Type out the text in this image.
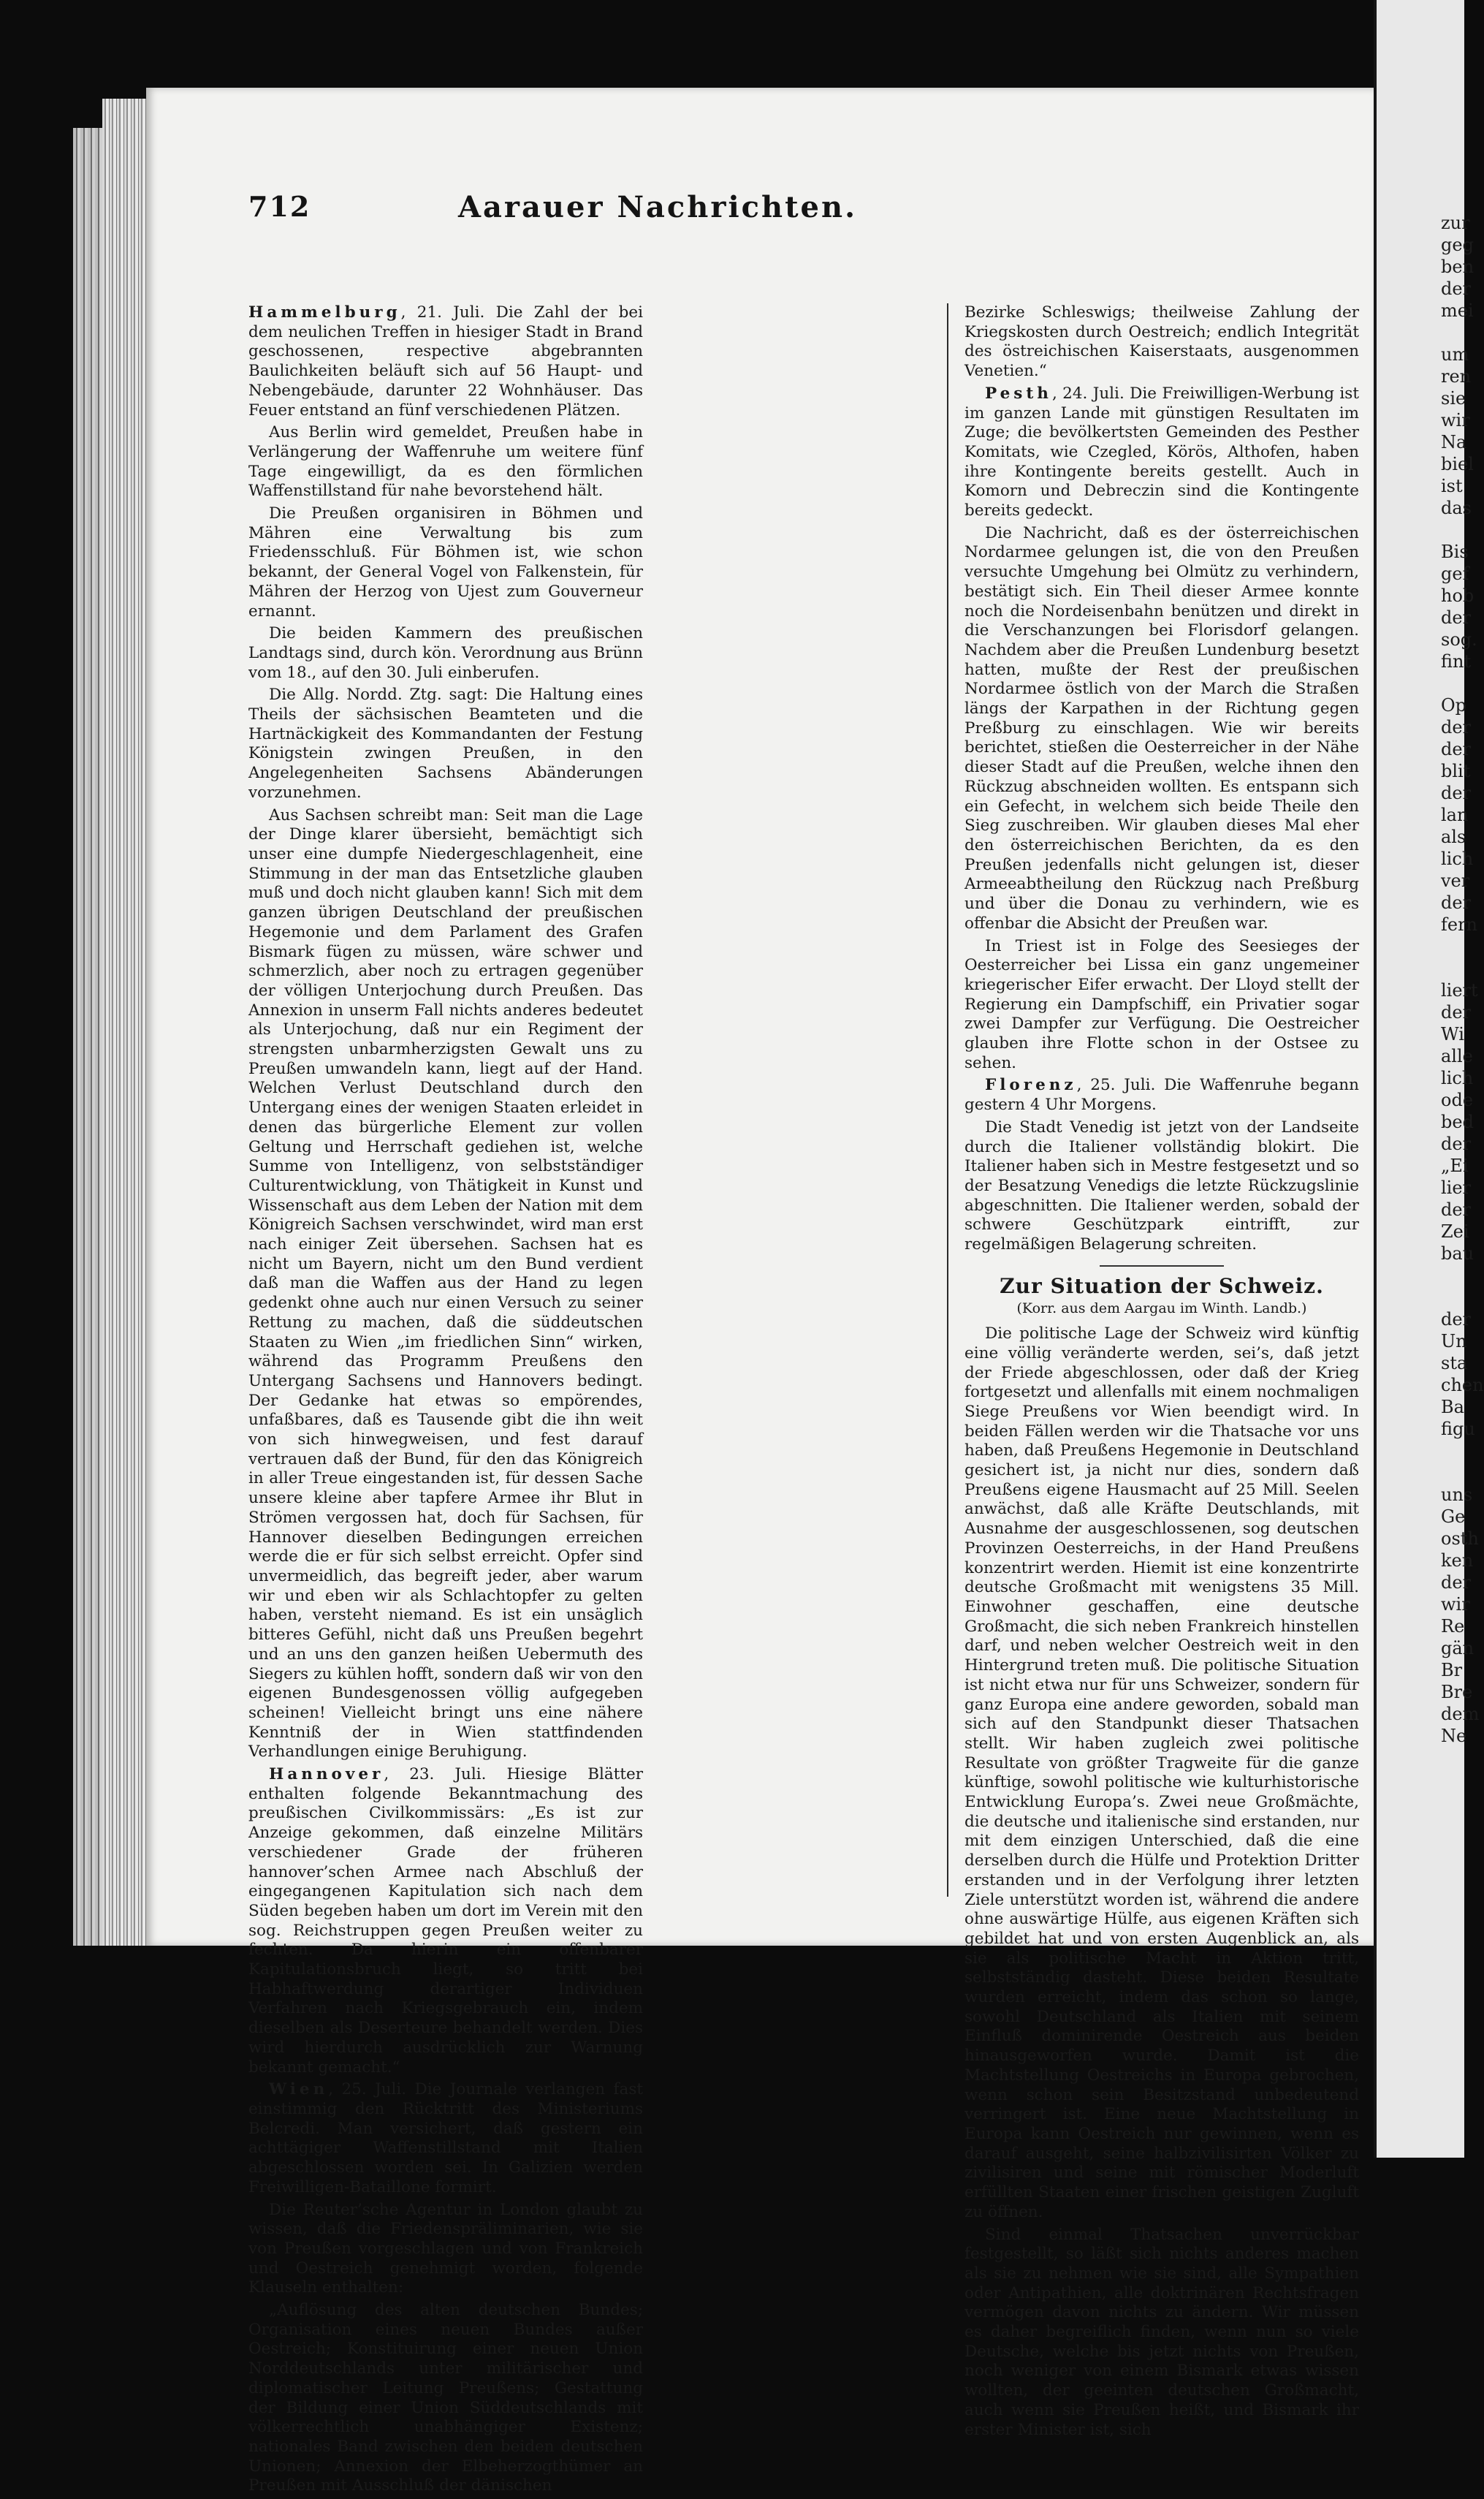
Aarauer Nachrichten.
712

Hammelburg, 21. Juli. Die Zahl der bei dem neulichen Treffen in hiesiger Stadt in Brand geschossenen, respective abgebrannten Baulichkeiten beläuft sich auf 56 Haupt- und Nebengebäude, darunter 22 Wohnhäuser. Das Feuer entstand an fünf verschiedenen Plätzen.

Aus Berlin wird gemeldet, Preußen habe in Verlängerung der Waffenruhe um weitere fünf Tage eingewilligt, da es den förmlichen Waffenstillstand für nahe bevorstehend hält.

Die Preußen organisiren in Böhmen und Mähren eine Verwaltung bis zum Friedensschluß. Für Böhmen ist, wie schon bekannt, der General Vogel von Falkenstein, für Mähren der Herzog von Ujest zum Gouverneur ernannt.

Die beiden Kammern des preußischen Landtags sind, durch kön. Verordnung aus Brünn vom 18., auf den 30. Juli einberufen.

Die Allg. Nordd. Ztg. sagt: Die Haltung eines Theils der sächsischen Beamteten und die Hartnäckigkeit des Kommandanten der Festung Königstein zwingen Preußen, in den Angelegenheiten Sachsens Abänderungen vorzunehmen.

Aus Sachsen schreibt man: Seit man die Lage der Dinge klarer übersieht, bemächtigt sich unser eine dumpfe Niedergeschlagenheit, eine Stimmung in der man das Entsetzliche glauben muß und doch nicht glauben kann! Sich mit dem ganzen übrigen Deutschland der preußischen Hegemonie und dem Parlament des Grafen Bismark fügen zu müssen, wäre schwer und schmerzlich, aber noch zu ertragen gegenüber der völligen Unterjochung durch Preußen. Das Annexion in unserm Fall nichts anderes bedeutet als Unterjochung, daß nur ein Regiment der strengsten unbarmherzigsten Gewalt uns zu Preußen umwandeln kann, liegt auf der Hand. Welchen Verlust Deutschland durch den Untergang eines der wenigen Staaten erleidet in denen das bürgerliche Element zur vollen Geltung und Herrschaft gediehen ist, welche Summe von Intelligenz, von selbstständiger Culturentwicklung, von Thätigkeit in Kunst und Wissenschaft aus dem Leben der Nation mit dem Königreich Sachsen verschwindet, wird man erst nach einiger Zeit übersehen. Sachsen hat es nicht um Bayern, nicht um den Bund verdient daß man die Waffen aus der Hand zu legen gedenkt ohne auch nur einen Versuch zu seiner Rettung zu machen, daß die süddeutschen Staaten zu Wien „im friedlichen Sinn“ wirken, während das Programm Preußens den Untergang Sachsens und Hannovers bedingt. Der Gedanke hat etwas so empörendes, unfaßbares, daß es Tausende gibt die ihn weit von sich hinwegweisen, und fest darauf vertrauen daß der Bund, für den das Königreich in aller Treue eingestanden ist, für dessen Sache unsere kleine aber tapfere Armee ihr Blut in Strömen vergossen hat, doch für Sachsen, für Hannover dieselben Bedingungen erreichen werde die er für sich selbst erreicht. Opfer sind unvermeidlich, das begreift jeder, aber warum wir und eben wir als Schlachtopfer zu gelten haben, versteht niemand. Es ist ein unsäglich bitteres Gefühl, nicht daß uns Preußen begehrt und an uns den ganzen heißen Uebermuth des Siegers zu kühlen hofft, sondern daß wir von den eigenen Bundesgenossen völlig aufgegeben scheinen! Vielleicht bringt uns eine nähere Kenntniß der in Wien stattfindenden Verhandlungen einige Beruhigung.

Hannover, 23. Juli. Hiesige Blätter enthalten folgende Bekanntmachung des preußischen Civilkommissärs: „Es ist zur Anzeige gekommen, daß einzelne Militärs verschiedener Grade der früheren hannover’schen Armee nach Abschluß der eingegangenen Kapitulation sich nach dem Süden begeben haben um dort im Verein mit den sog. Reichstruppen gegen Preußen weiter zu fechten. Da hierin ein offenbarer Kapitulationsbruch liegt, so tritt bei Habhaftwerdung derartiger Individuen Verfahren nach Kriegsgebrauch ein, indem dieselben als Deserteure behandelt werden. Dies wird hierdurch ausdrücklich zur Warnung bekannt gemacht.“

Wien, 25. Juli. Die Journale verlangen fast einstimmig den Rücktritt des Ministeriums Belcredi. Man versichert, daß gestern ein achttägiger Waffenstillstand mit Italien abgeschlossen worden sei. In Galizien werden Freiwilligen-Bataillone formirt.

Die Reuter’sche Agentur in London glaubt zu wissen, daß die Friedenspräliminarien, wie sie von Preußen vorgeschlagen und von Frankreich und Oestreich genehmigt worden, folgende Klauseln enthalten:

„Auflösung des alten deutschen Bundes; Organisation eines neuen Bundes außer Oestreich; Konstituirung einer neuen Union Norddeutschlands unter militärischer und diplomatischer Leitung Preußens; Gestattung der Bildung einer Union Süddeutschlands mit völkerrechtlich unabhängiger Existenz; nationales Band zwischen den beiden deutschen Unionen; Annexion der Elbeherzogthümer an Preußen mit Ausschluß der dänischen

Bezirke Schleswigs; theilweise Zahlung der Kriegskosten durch Oestreich; endlich Integrität des östreichischen Kaiserstaats, ausgenommen Venetien.“

Pesth, 24. Juli. Die Freiwilligen-Werbung ist im ganzen Lande mit günstigen Resultaten im Zuge; die bevölkertsten Gemeinden des Pesther Komitats, wie Czegled, Körös, Althofen, haben ihre Kontingente bereits gestellt. Auch in Komorn und Debreczin sind die Kontingente bereits gedeckt.

Die Nachricht, daß es der österreichischen Nordarmee gelungen ist, die von den Preußen versuchte Umgehung bei Olmütz zu verhindern, bestätigt sich. Ein Theil dieser Armee konnte noch die Nordeisenbahn benützen und direkt in die Verschanzungen bei Florisdorf gelangen. Nachdem aber die Preußen Lundenburg besetzt hatten, mußte der Rest der preußischen Nordarmee östlich von der March die Straßen längs der Karpathen in der Richtung gegen Preßburg zu einschlagen. Wie wir bereits berichtet, stießen die Oesterreicher in der Nähe dieser Stadt auf die Preußen, welche ihnen den Rückzug abschneiden wollten. Es entspann sich ein Gefecht, in welchem sich beide Theile den Sieg zuschreiben. Wir glauben dieses Mal eher den österreichischen Berichten, da es den Preußen jedenfalls nicht gelungen ist, dieser Armeeabtheilung den Rückzug nach Preßburg und über die Donau zu verhindern, wie es offenbar die Absicht der Preußen war.

In Triest ist in Folge des Seesieges der Oesterreicher bei Lissa ein ganz ungemeiner kriegerischer Eifer erwacht. Der Lloyd stellt der Regierung ein Dampfschiff, ein Privatier sogar zwei Dampfer zur Verfügung. Die Oestreicher glauben ihre Flotte schon in der Ostsee zu sehen.

Florenz, 25. Juli. Die Waffenruhe begann gestern 4 Uhr Morgens.

Die Stadt Venedig ist jetzt von der Landseite durch die Italiener vollständig blokirt. Die Italiener haben sich in Mestre festgesetzt und so der Besatzung Venedigs die letzte Rückzugslinie abgeschnitten. Die Italiener werden, sobald der schwere Geschützpark eintrifft, zur regelmäßigen Belagerung schreiten.

Zur Situation der Schweiz.
(Korr. aus dem Aargau im Winth. Landb.)

Die politische Lage der Schweiz wird künftig eine völlig veränderte werden, sei’s, daß jetzt der Friede abgeschlossen, oder daß der Krieg fortgesetzt und allenfalls mit einem nochmaligen Siege Preußens vor Wien beendigt wird. In beiden Fällen werden wir die Thatsache vor uns haben, daß Preußens Hegemonie in Deutschland gesichert ist, ja nicht nur dies, sondern daß Preußens eigene Hausmacht auf 25 Mill. Seelen anwächst, daß alle Kräfte Deutschlands, mit Ausnahme der ausgeschlossenen, sog deutschen Provinzen Oesterreichs, in der Hand Preußens konzentrirt werden. Hiemit ist eine konzentrirte deutsche Großmacht mit wenigstens 35 Mill. Einwohner geschaffen, eine deutsche Großmacht, die sich neben Frankreich hinstellen darf, und neben welcher Oestreich weit in den Hintergrund treten muß. Die politische Situation ist nicht etwa nur für uns Schweizer, sondern für ganz Europa eine andere geworden, sobald man sich auf den Standpunkt dieser Thatsachen stellt. Wir haben zugleich zwei politische Resultate von größter Tragweite für die ganze künftige, sowohl politische wie kulturhistorische Entwicklung Europa’s. Zwei neue Großmächte, die deutsche und italienische sind erstanden, nur mit dem einzigen Unterschied, daß die eine derselben durch die Hülfe und Protektion Dritter erstanden und in der Verfolgung ihrer letzten Ziele unterstützt worden ist, während die andere ohne auswärtige Hülfe, aus eigenen Kräften sich gebildet hat und von ersten Augenblick an, als sie als politische Macht in Aktion tritt, selbstständig dasteht. Diese beiden Resultate wurden erreicht, indem das schon so lange, sowohl Deutschland als Italien mit seinem Einfluß dominirende Oestreich aus beiden hinausgeworfen wurde. Damit ist die Machtstellung Oestreichs in Europa gebrochen, wenn schon sein Besitzstand unbedeutend verringert ist. Eine neue Machtstellung in Europa kann Oestreich nur gewinnen, wenn es darauf ausgeht, seine halbzivilisirten Völker zu zivilisiren und seine mit römischer Moderluft erfüllten Staaten einer frischen geistigen Zugluft zu öffnen.

Sind einmal Thatsachen unverrückbar festgestellt, so läßt sich nichts anderes machen als sie zu nehmen wie sie sind, alle Sympathien oder Antipathien, alle doktrinären Rechtsfragen vermögen davon nichts zu ändern. Wir müssen es daher begreiflich finden, wenn nun so viele Deutsche, welche bis jetzt nichts von Preußen, noch weniger von einem Bismark etwas wissen wollten, der geeinten deutschen Großmacht, auch wenn sie Preußen heißt, und Bismark ihr erster Minister ist, sich

zur
geg
ben
der
mei

um
ren
sie
wir
Na
biel
ist
das

Bis
gef
hob
der
sog.
fint

Op
der
der
blit
der
lan
als
lich
ver
der
fern

liert
der
Wi
alle
lich
ode
bed
der
„Ei
lier
der
Zei
bau

der
Un
sta
chen
Ba
figu

uns
Ge
osth
ken
der
wir
Re
gän
Br
Bre
dem
Ne
